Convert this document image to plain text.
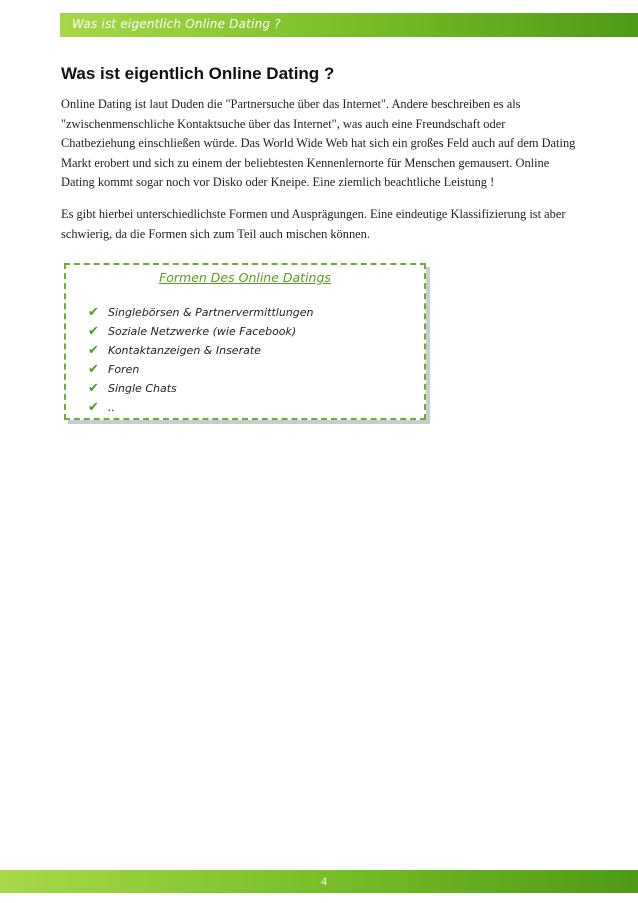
Was ist eigentlich Online Dating ?
Was ist eigentlich Online Dating ?

Online Dating ist laut Duden die "Partnersuche über das Internet". Andere beschreiben es als "zwischenmenschliche Kontaktsuche über das Internet", was auch eine Freundschaft oder Chatbeziehung einschließen würde. Das World Wide Web hat sich ein großes Feld auch auf dem Dating Markt erobert und sich zu einem der beliebtesten Kennenlernorte für Menschen gemausert. Online Dating kommt sogar noch vor Disko oder Kneipe. Eine ziemlich beachtliche Leistung !

Es gibt hierbei unterschiedlichste Formen und Ausprägungen. Eine eindeutige Klassifizierung ist aber schwierig, da die Formen sich zum Teil auch mischen können.

Formen Des Online Datings

✔ Singlebörsen & Partnervermittlungen
✔ Soziale Netzwerke (wie Facebook)
✔ Kontaktanzeigen & Inserate
✔ Foren
✔ Single Chats
✔ ..
4
